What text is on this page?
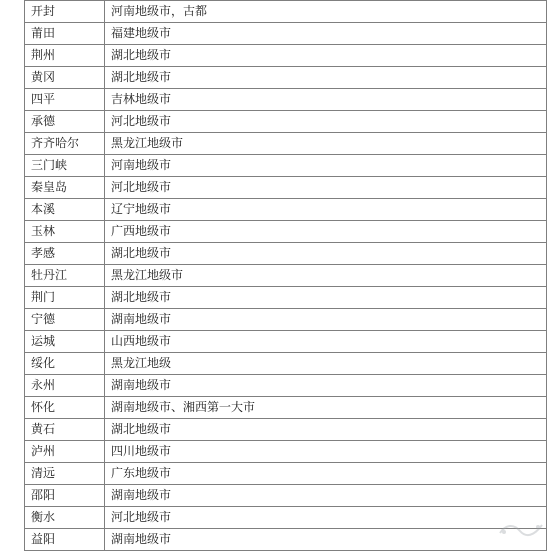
开封	河南地级市，古都
莆田	福建地级市
荆州	湖北地级市
黄冈	湖北地级市
四平	吉林地级市
承德	河北地级市
齐齐哈尔	黑龙江地级市
三门峡	河南地级市
秦皇岛	河北地级市
本溪	辽宁地级市
玉林	广西地级市
孝感	湖北地级市
牡丹江	黑龙江地级市
荆门	湖北地级市
宁德	湖南地级市
运城	山西地级市
绥化	黑龙江地级
永州	湖南地级市
怀化	湖南地级市、湘西第一大市
黄石	湖北地级市
泸州	四川地级市
清远	广东地级市
邵阳	湖南地级市
衡水	河北地级市
益阳	湖南地级市
